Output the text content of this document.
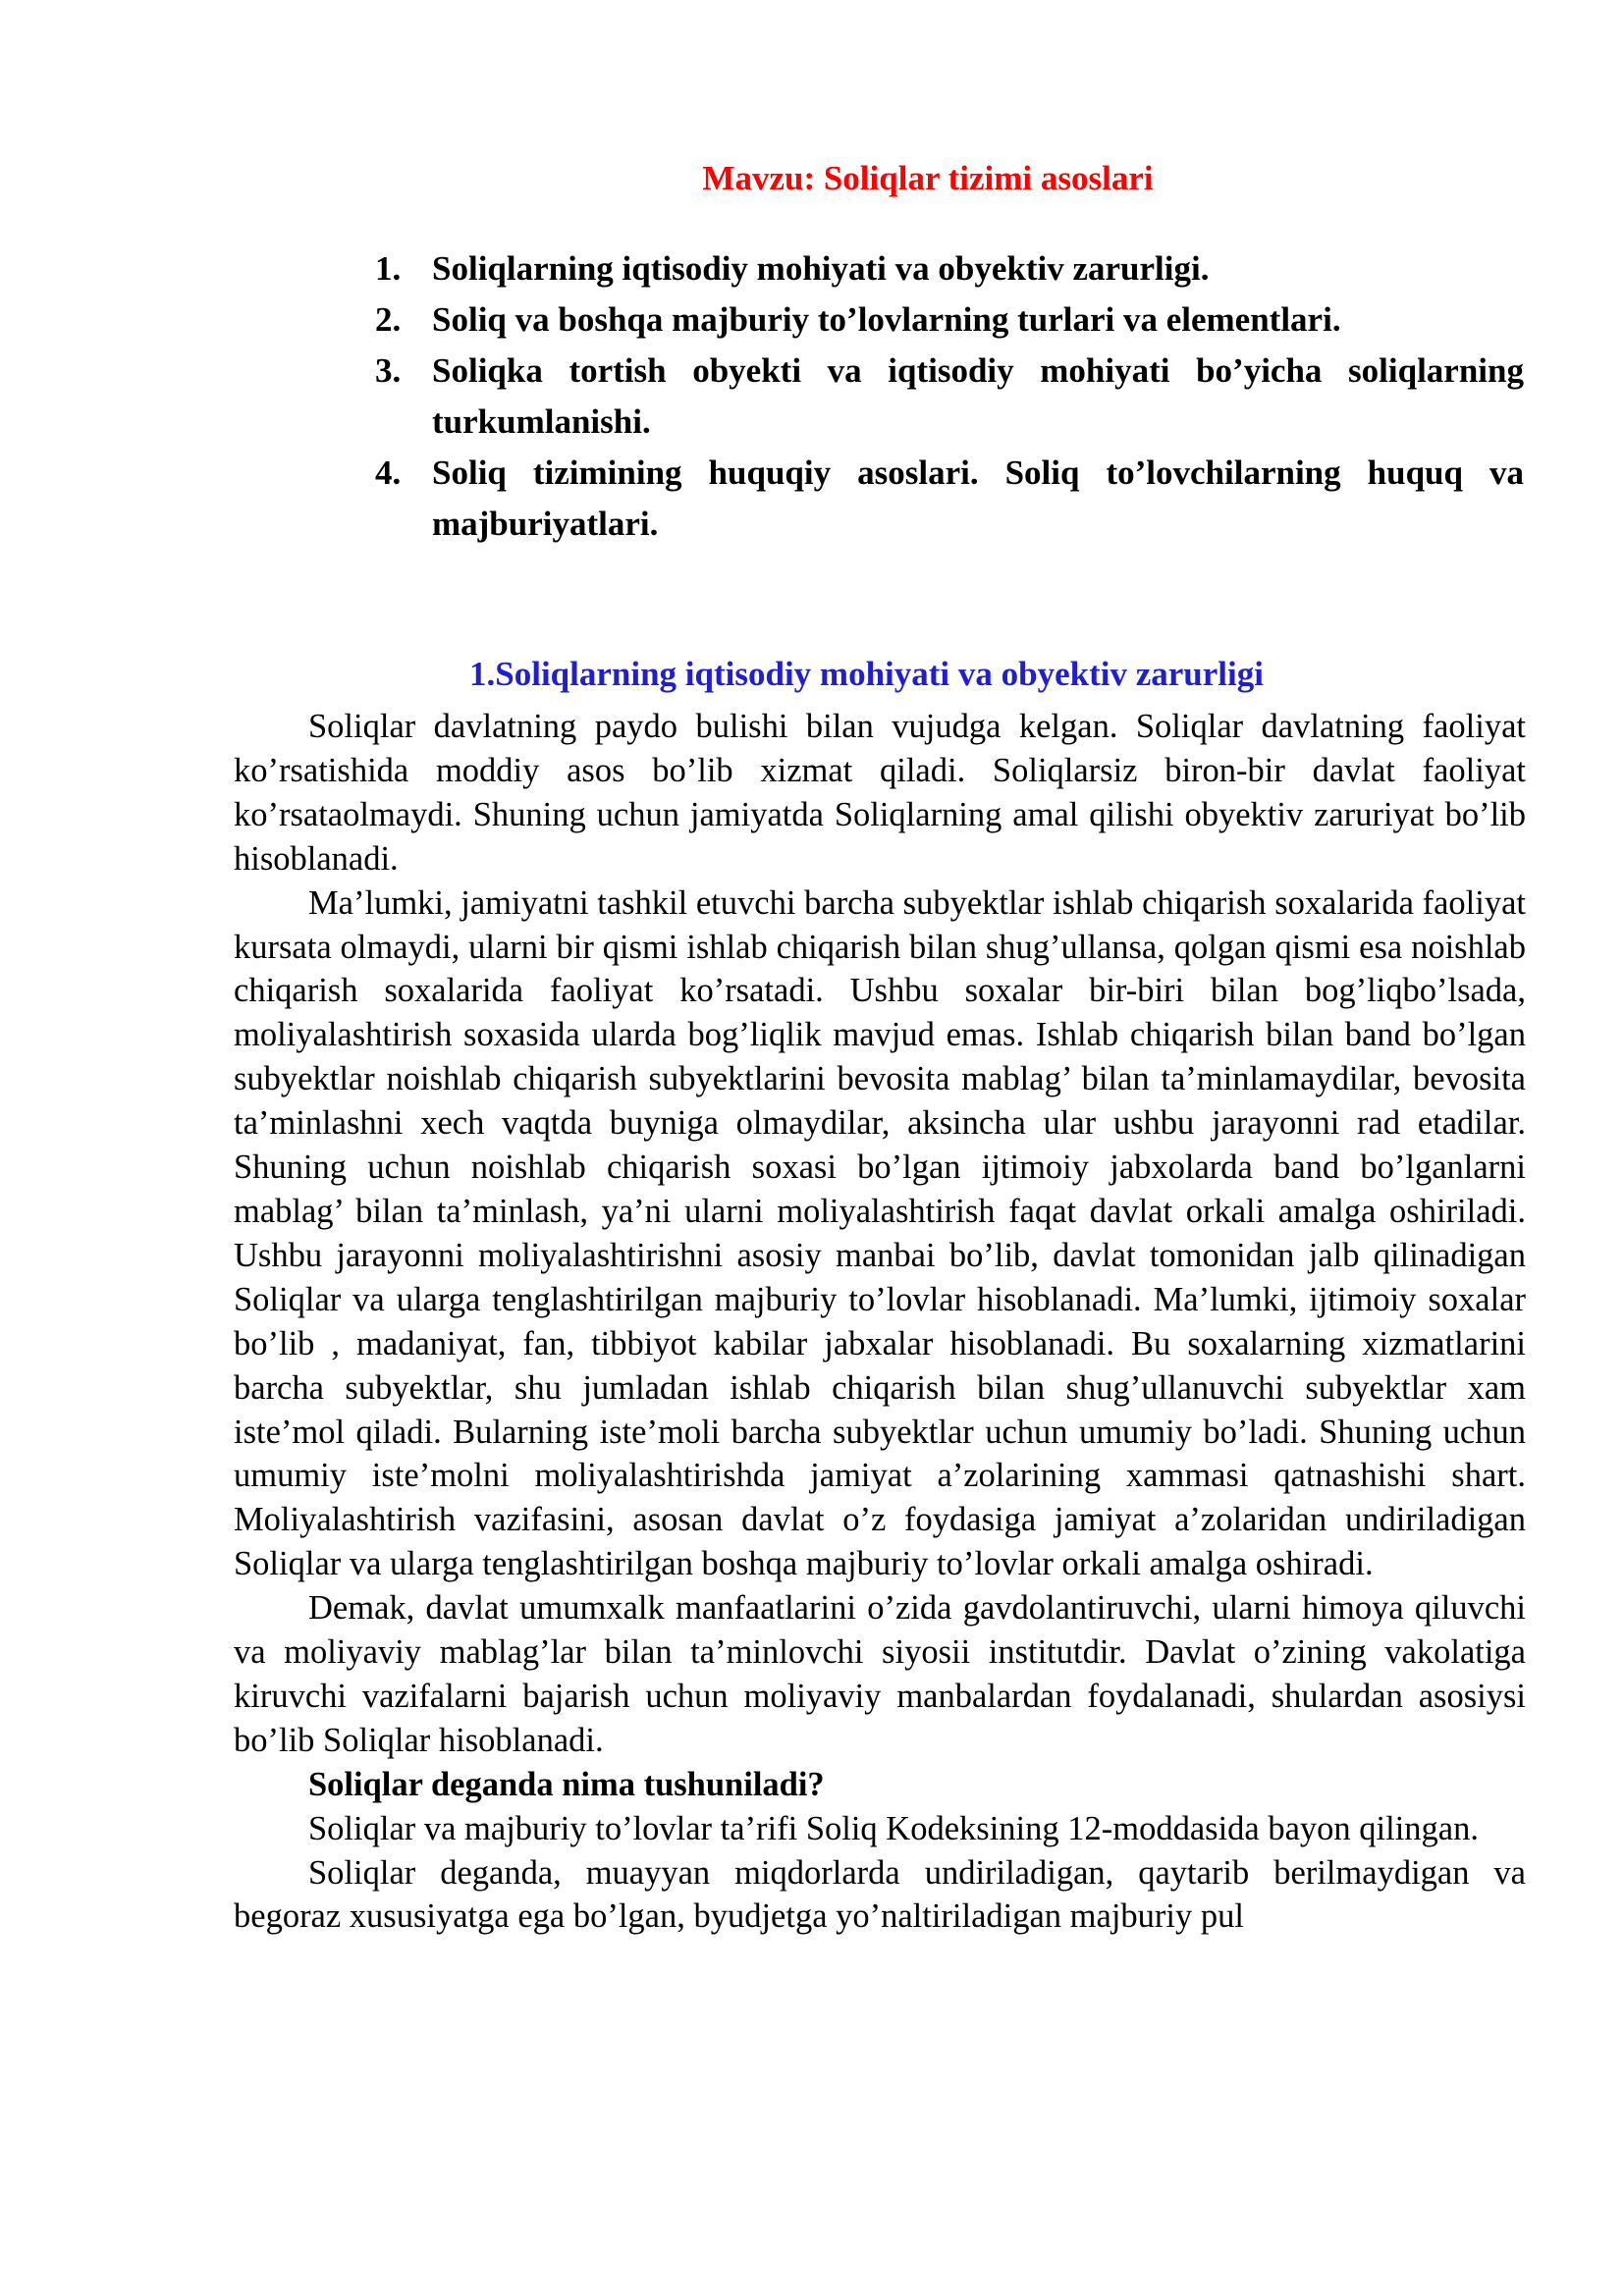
Mavzu: Soliqlar tizimi asoslari
1. Soliqlarning iqtisodiy mohiyati va obyektiv zarurligi.
2. Soliq va boshqa majburiy to’lovlarning turlari va elementlari.
3. Soliqka tortish obyekti va iqtisodiy mohiyati bo’yicha soliqlarning turkumlanishi.
4. Soliq tizimining huquqiy asoslari. Soliq to’lovchilarning huquq va majburiyatlari.
1.Soliqlarning iqtisodiy mohiyati va obyektiv zarurligi

Soliqlar davlatning paydo bulishi bilan vujudga kelgan. Soliqlar davlatning faoliyat ko’rsatishida moddiy asos bo’lib xizmat qiladi. Soliqlarsiz biron-bir davlat faoliyat ko’rsataolmaydi. Shuning uchun jamiyatda Soliqlarning amal qilishi obyektiv zaruriyat bo’lib hisoblanadi.

Ma’lumki, jamiyatni tashkil etuvchi barcha subyektlar ishlab chiqarish soxalarida faoliyat kursata olmaydi, ularni bir qismi ishlab chiqarish bilan shug’ullansa, qolgan qismi esa noishlab chiqarish soxalarida faoliyat ko’rsatadi. Ushbu soxalar bir-biri bilan bog’liqbo’lsada, moliyalashtirish soxasida ularda bog’liqlik mavjud emas. Ishlab chiqarish bilan band bo’lgan subyektlar noishlab chiqarish subyektlarini bevosita mablag’ bilan ta’minlamaydilar, bevosita ta’minlashni xech vaqtda buyniga olmaydilar, aksincha ular ushbu jarayonni rad etadilar. Shuning uchun noishlab chiqarish soxasi bo’lgan ijtimoiy jabxolarda band bo’lganlarni mablag’ bilan ta’minlash, ya’ni ularni moliyalashtirish faqat davlat orkali amalga oshiriladi. Ushbu jarayonni moliyalashtirishni asosiy manbai bo’lib, davlat tomonidan jalb qilinadigan Soliqlar va ularga tenglashtirilgan majburiy to’lovlar hisoblanadi. Ma’lumki, ijtimoiy soxalar bo’lib , madaniyat, fan, tibbiyot kabilar jabxalar hisoblanadi. Bu soxalarning xizmatlarini barcha subyektlar, shu jumladan ishlab chiqarish bilan shug’ullanuvchi subyektlar xam iste’mol qiladi. Bularning iste’moli barcha subyektlar uchun umumiy bo’ladi. Shuning uchun umumiy iste’molni moliyalashtirishda jamiyat a’zolarining xammasi qatnashishi shart. Moliyalashtirish vazifasini, asosan davlat o’z foydasiga jamiyat a’zolaridan undiriladigan Soliqlar va ularga tenglashtirilgan boshqa majburiy to’lovlar orkali amalga oshiradi.

Demak, davlat umumxalk manfaatlarini o’zida gavdolantiruvchi, ularni himoya qiluvchi va moliyaviy mablag’lar bilan ta’minlovchi siyosii institutdir. Davlat o’zining vakolatiga kiruvchi vazifalarni bajarish uchun moliyaviy manbalardan foydalanadi, shulardan asosiysi bo’lib Soliqlar hisoblanadi.

Soliqlar deganda nima tushuniladi?

Soliqlar va majburiy to’lovlar ta’rifi Soliq Kodeksining 12-moddasida bayon qilingan.

Soliqlar deganda, muayyan miqdorlarda undiriladigan, qaytarib berilmaydigan va begoraz xususiyatga ega bo’lgan, byudjetga yo’naltiriladigan majburiy pul
